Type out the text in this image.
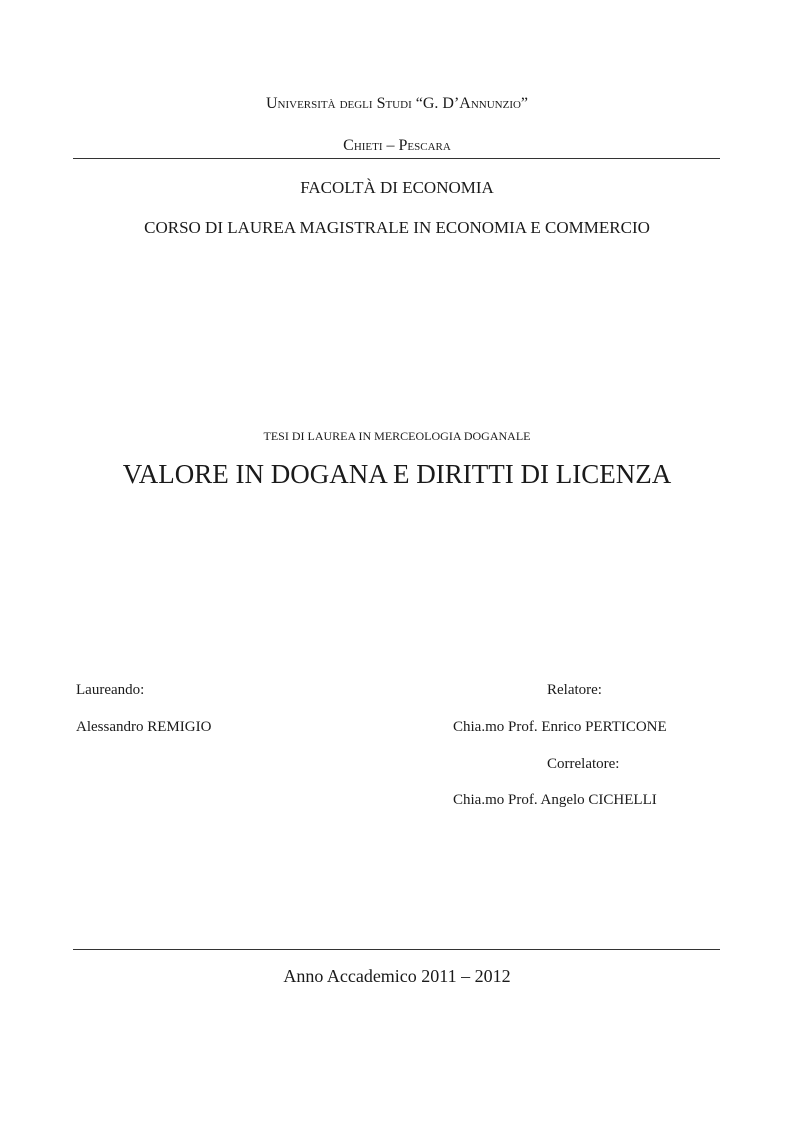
Università degli Studi “G. D’Annunzio”
Chieti – Pescara
FACOLTÀ DI ECONOMIA
CORSO DI LAUREA MAGISTRALE IN ECONOMIA E COMMERCIO
TESI DI LAUREA IN MERCEOLOGIA DOGANALE
VALORE IN DOGANA E DIRITTI DI LICENZA
Laureando:
Alessandro REMIGIO
Relatore:
Chia.mo Prof. Enrico PERTICONE
Correlatore:
Chia.mo Prof. Angelo CICHELLI
Anno Accademico 2011 – 2012
